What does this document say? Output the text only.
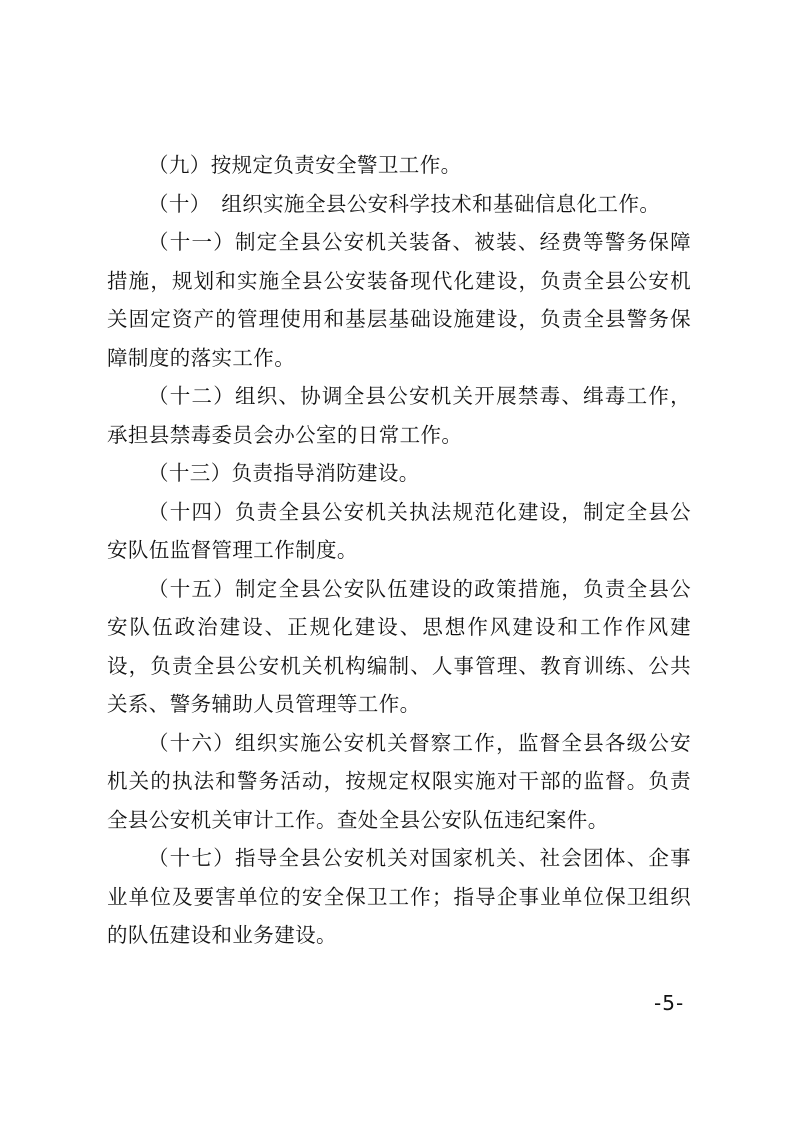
（九）按规定负责安全警卫工作。

（十）　组织实施全县公安科学技术和基础信息化工作。

（十一）制定全县公安机关装备、被装、经费等警务保障措施，规划和实施全县公安装备现代化建设，负责全县公安机关固定资产的管理使用和基层基础设施建设，负责全县警务保障制度的落实工作。

（十二）组织、协调全县公安机关开展禁毒、缉毒工作，承担县禁毒委员会办公室的日常工作。

（十三）负责指导消防建设。

（十四）负责全县公安机关执法规范化建设，制定全县公安队伍监督管理工作制度。

（十五）制定全县公安队伍建设的政策措施，负责全县公安队伍政治建设、正规化建设、思想作风建设和工作作风建设，负责全县公安机关机构编制、人事管理、教育训练、公共关系、警务辅助人员管理等工作。

（十六）组织实施公安机关督察工作，监督全县各级公安机关的执法和警务活动，按规定权限实施对干部的监督。负责全县公安机关审计工作。查处全县公安队伍违纪案件。

（十七）指导全县公安机关对国家机关、社会团体、企事业单位及要害单位的安全保卫工作；指导企事业单位保卫组织的队伍建设和业务建设。

-5-
